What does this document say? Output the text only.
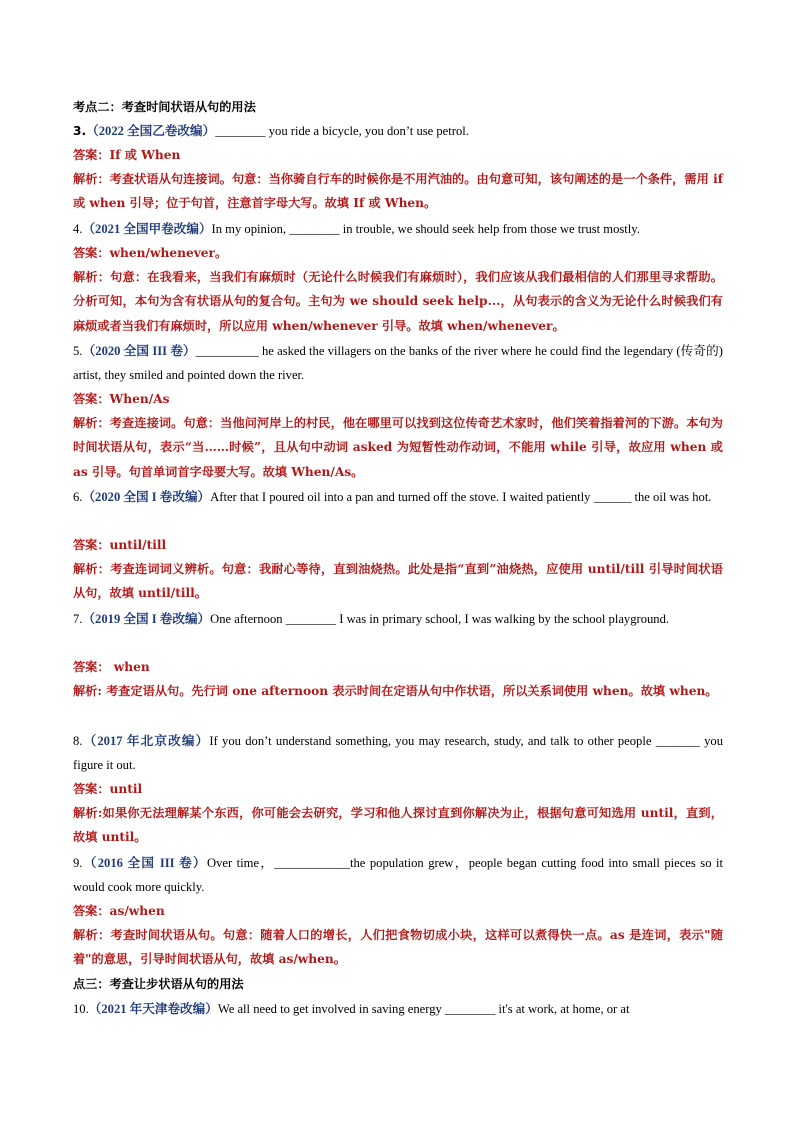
考点二：考查时间状语从句的用法
3.（2022 全国乙卷改编）________ you ride a bicycle, you don’t use petrol.
答案：If 或 When
解析：考查状语从句连接词。句意：当你骑自行车的时候你是不用汽油的。由句意可知，该句阐述的是一个条件，需用 if 或 when 引导；位于句首，注意首字母大写。故填 If 或 When。
4.（2021 全国甲卷改编）In my opinion, ________ in trouble, we should seek help from those we trust mostly.
答案：when/whenever。
解析：句意：在我看来，当我们有麻烦时（无论什么时候我们有麻烦时），我们应该从我们最相信的人们那里寻求帮助。分析可知，本句为含有状语从句的复合句。主句为 we should seek help...，从句表示的含义为无论什么时候我们有麻烦或者当我们有麻烦时，所以应用 when/whenever 引导。故填 when/whenever。
5.（2020 全国 III 卷）__________ he asked the villagers on the banks of the river where he could find the legendary (传奇的) artist, they smiled and pointed down the river.
答案：When/As
解析：考查连接词。句意：当他问河岸上的村民，他在哪里可以找到这位传奇艺术家时，他们笑着指着河的下游。本句为时间状语从句，表示“当……时候”，且从句中动词 asked 为短暂性动作动词，不能用 while 引导，故应用 when 或 as 引导。句首单词首字母要大写。故填 When/As。
6.（2020 全国 I 卷改编）After that I poured oil into a pan and turned off the stove. I waited patiently ______ the oil was hot.
答案：until/till
解析：考查连词词义辨析。句意：我耐心等待，直到油烧热。此处是指“直到”油烧热，应使用 until/till 引导时间状语从句，故填 until/till。
7.（2019 全国 I 卷改编）One afternoon ________ I was in primary school, I was walking by the school playground.
答案： when
解析: 考查定语从句。先行词 one afternoon 表示时间在定语从句中作状语，所以关系词使用 when。故填 when。
8.（2017 年北京改编）If you don’t understand something, you may research, study, and talk to other people _______ you figure it out.
答案：until
解析:如果你无法理解某个东西，你可能会去研究，学习和他人探讨直到你解决为止，根据句意可知选用 until，直到，故填 until。
9.（2016 全国 III 卷）Over time，____________the population grew，people began cutting food into small pieces so it would cook more quickly.
答案：as/when
解析：考查时间状语从句。句意：随着人口的增长，人们把食物切成小块，这样可以煮得快一点。as 是连词，表示"随着"的意思，引导时间状语从句，故填 as/when。
点三：考查让步状语从句的用法
10.（2021 年天津卷改编）We all need to get involved in saving energy ________ it's at work, at home, or at
